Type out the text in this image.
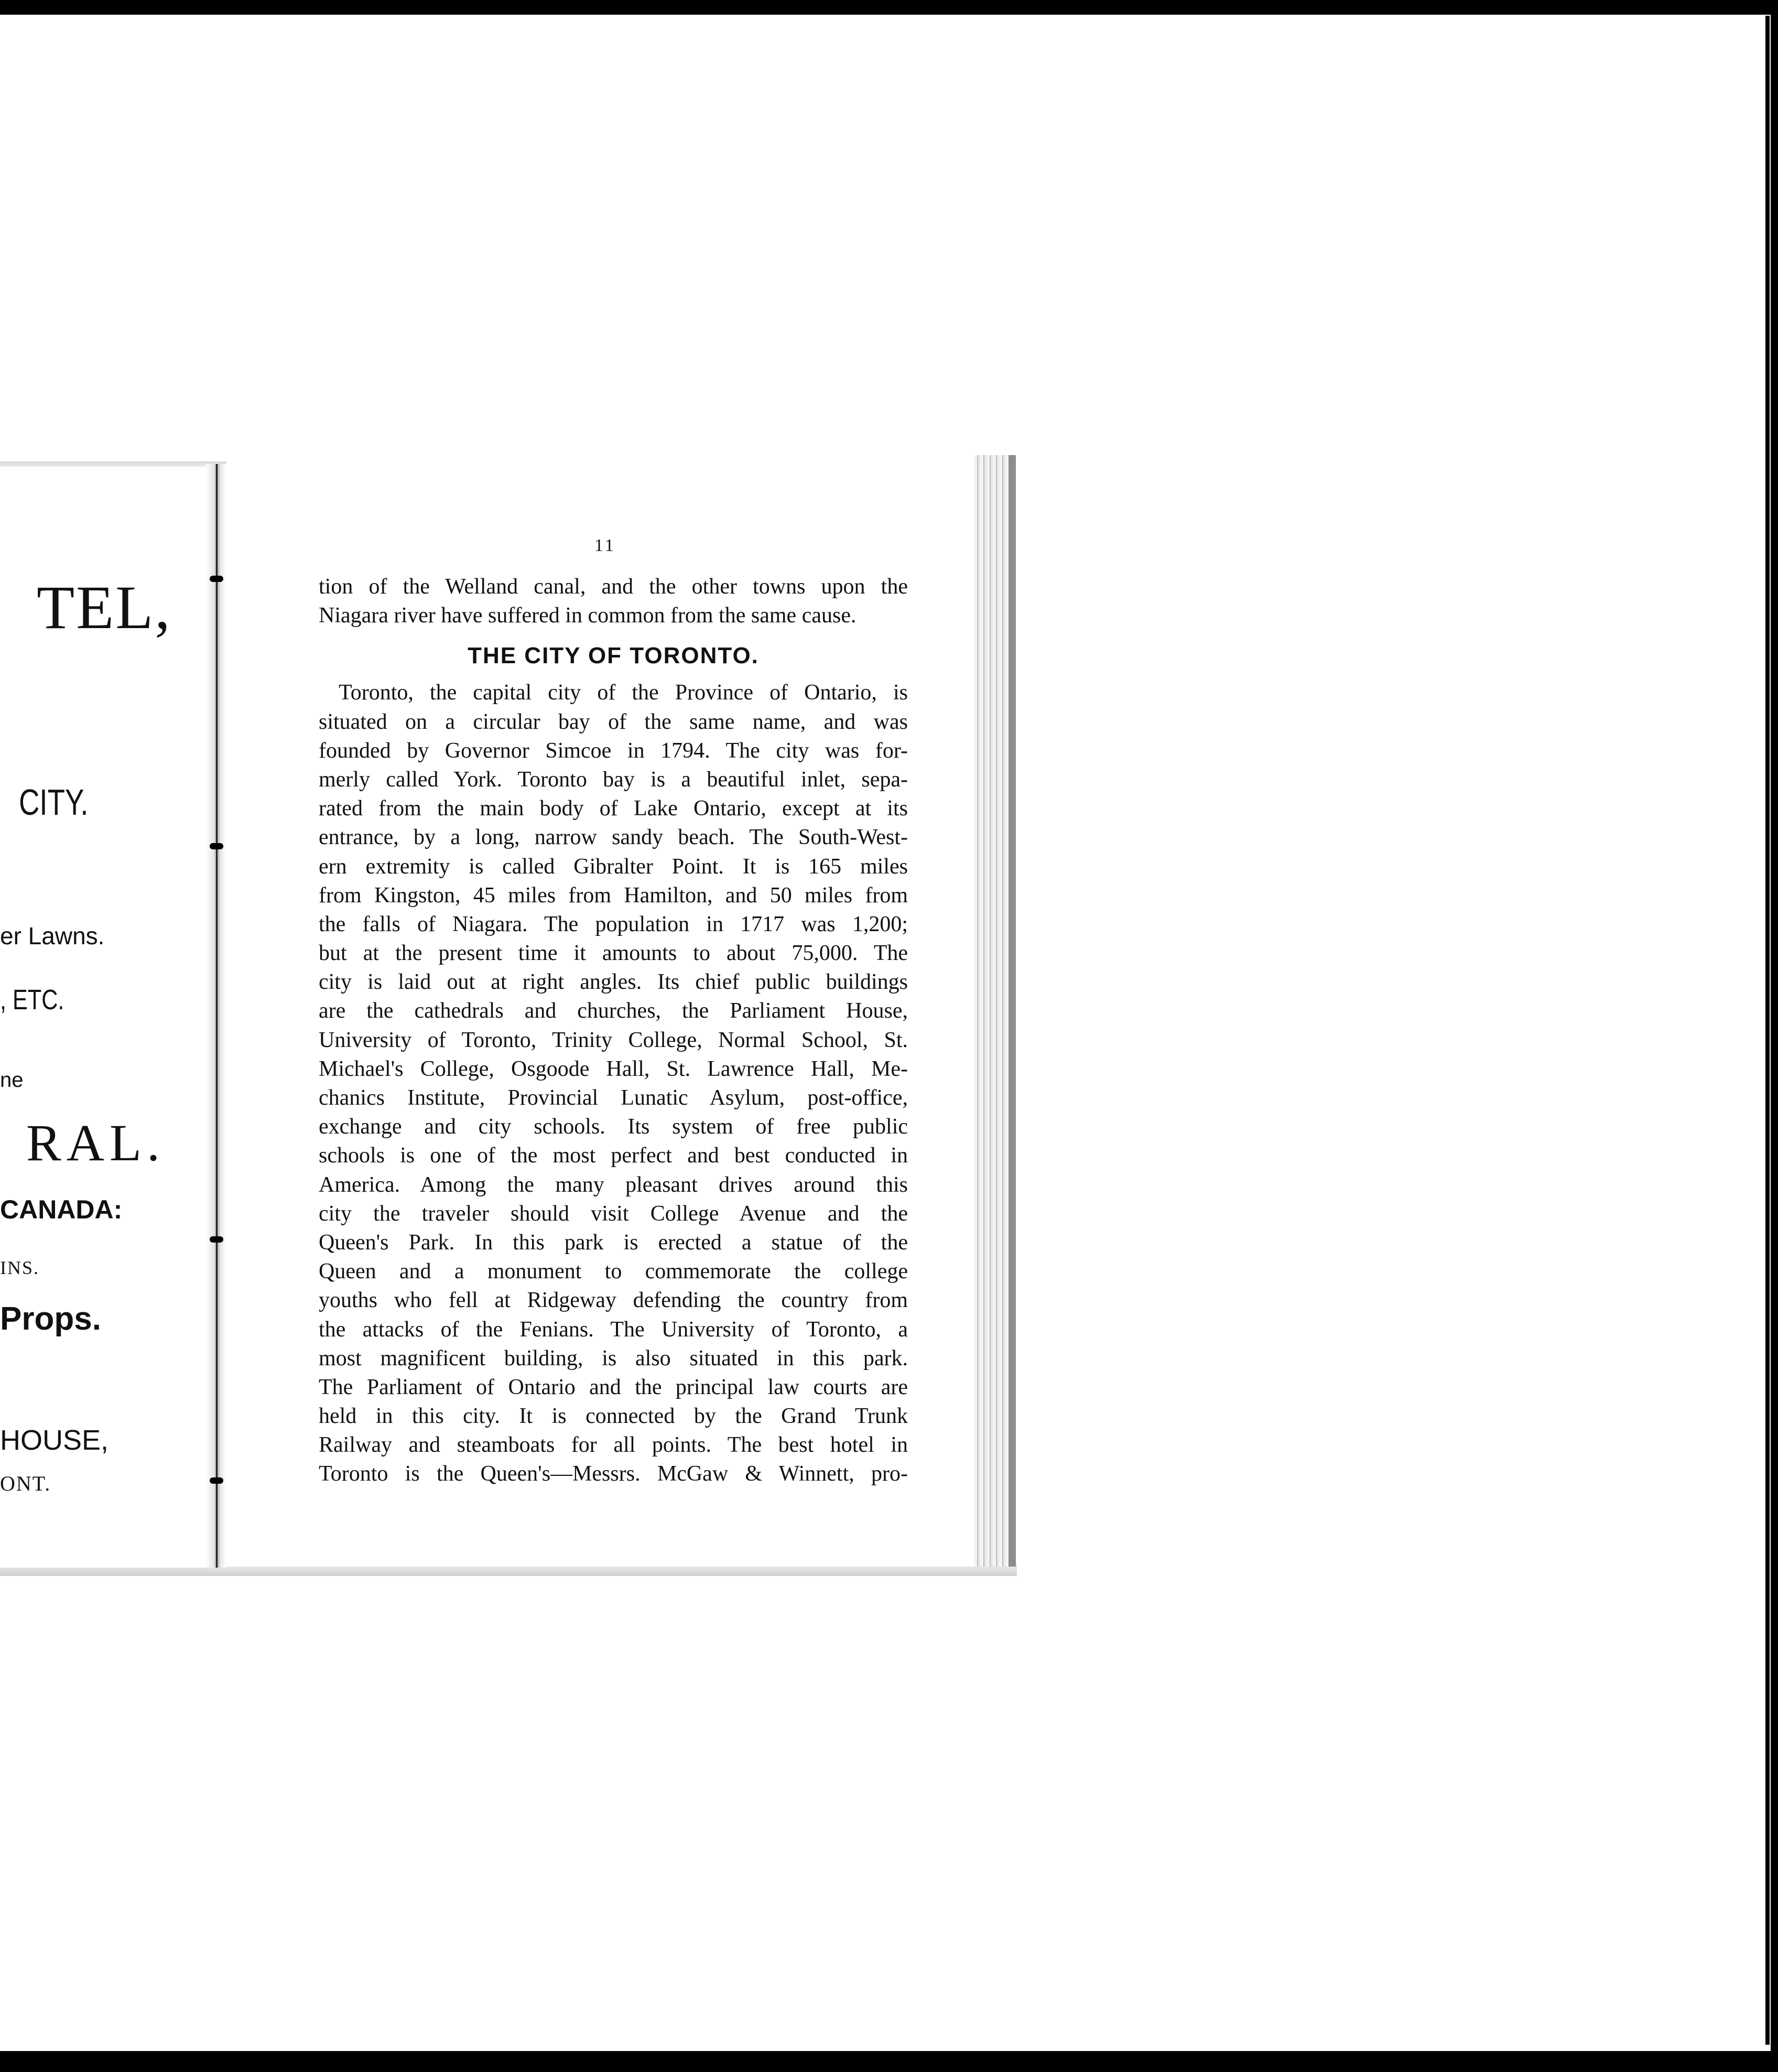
TEL,
CITY.
er Lawns.
, ETC.
ne
RAL.
CANADA:
INS.
Props.
HOUSE,
ONT.
11
tion of the Welland canal, and the other towns upon the
Niagara river have suffered in common from the same cause.
THE CITY OF TORONTO.
Toronto, the capital city of the Province of Ontario, is
situated on a circular bay of the same name, and was
founded by Governor Simcoe in 1794. The city was for-
merly called York. Toronto bay is a beautiful inlet, sepa-
rated from the main body of Lake Ontario, except at its
entrance, by a long, narrow sandy beach. The South-West-
ern extremity is called Gibralter Point. It is 165 miles
from Kingston, 45 miles from Hamilton, and 50 miles from
the falls of Niagara. The population in 1717 was 1,200;
but at the present time it amounts to about 75,000. The
city is laid out at right angles. Its chief public buildings
are the cathedrals and churches, the Parliament House,
University of Toronto, Trinity College, Normal School, St.
Michael's College, Osgoode Hall, St. Lawrence Hall, Me-
chanics Institute, Provincial Lunatic Asylum, post-office,
exchange and city schools. Its system of free public
schools is one of the most perfect and best conducted in
America. Among the many pleasant drives around this
city the traveler should visit College Avenue and the
Queen's Park. In this park is erected a statue of the
Queen and a monument to commemorate the college
youths who fell at Ridgeway defending the country from
the attacks of the Fenians. The University of Toronto, a
most magnificent building, is also situated in this park.
The Parliament of Ontario and the principal law courts are
held in this city. It is connected by the Grand Trunk
Railway and steamboats for all points. The best hotel in
Toronto is the Queen's—Messrs. McGaw & Winnett, pro-
